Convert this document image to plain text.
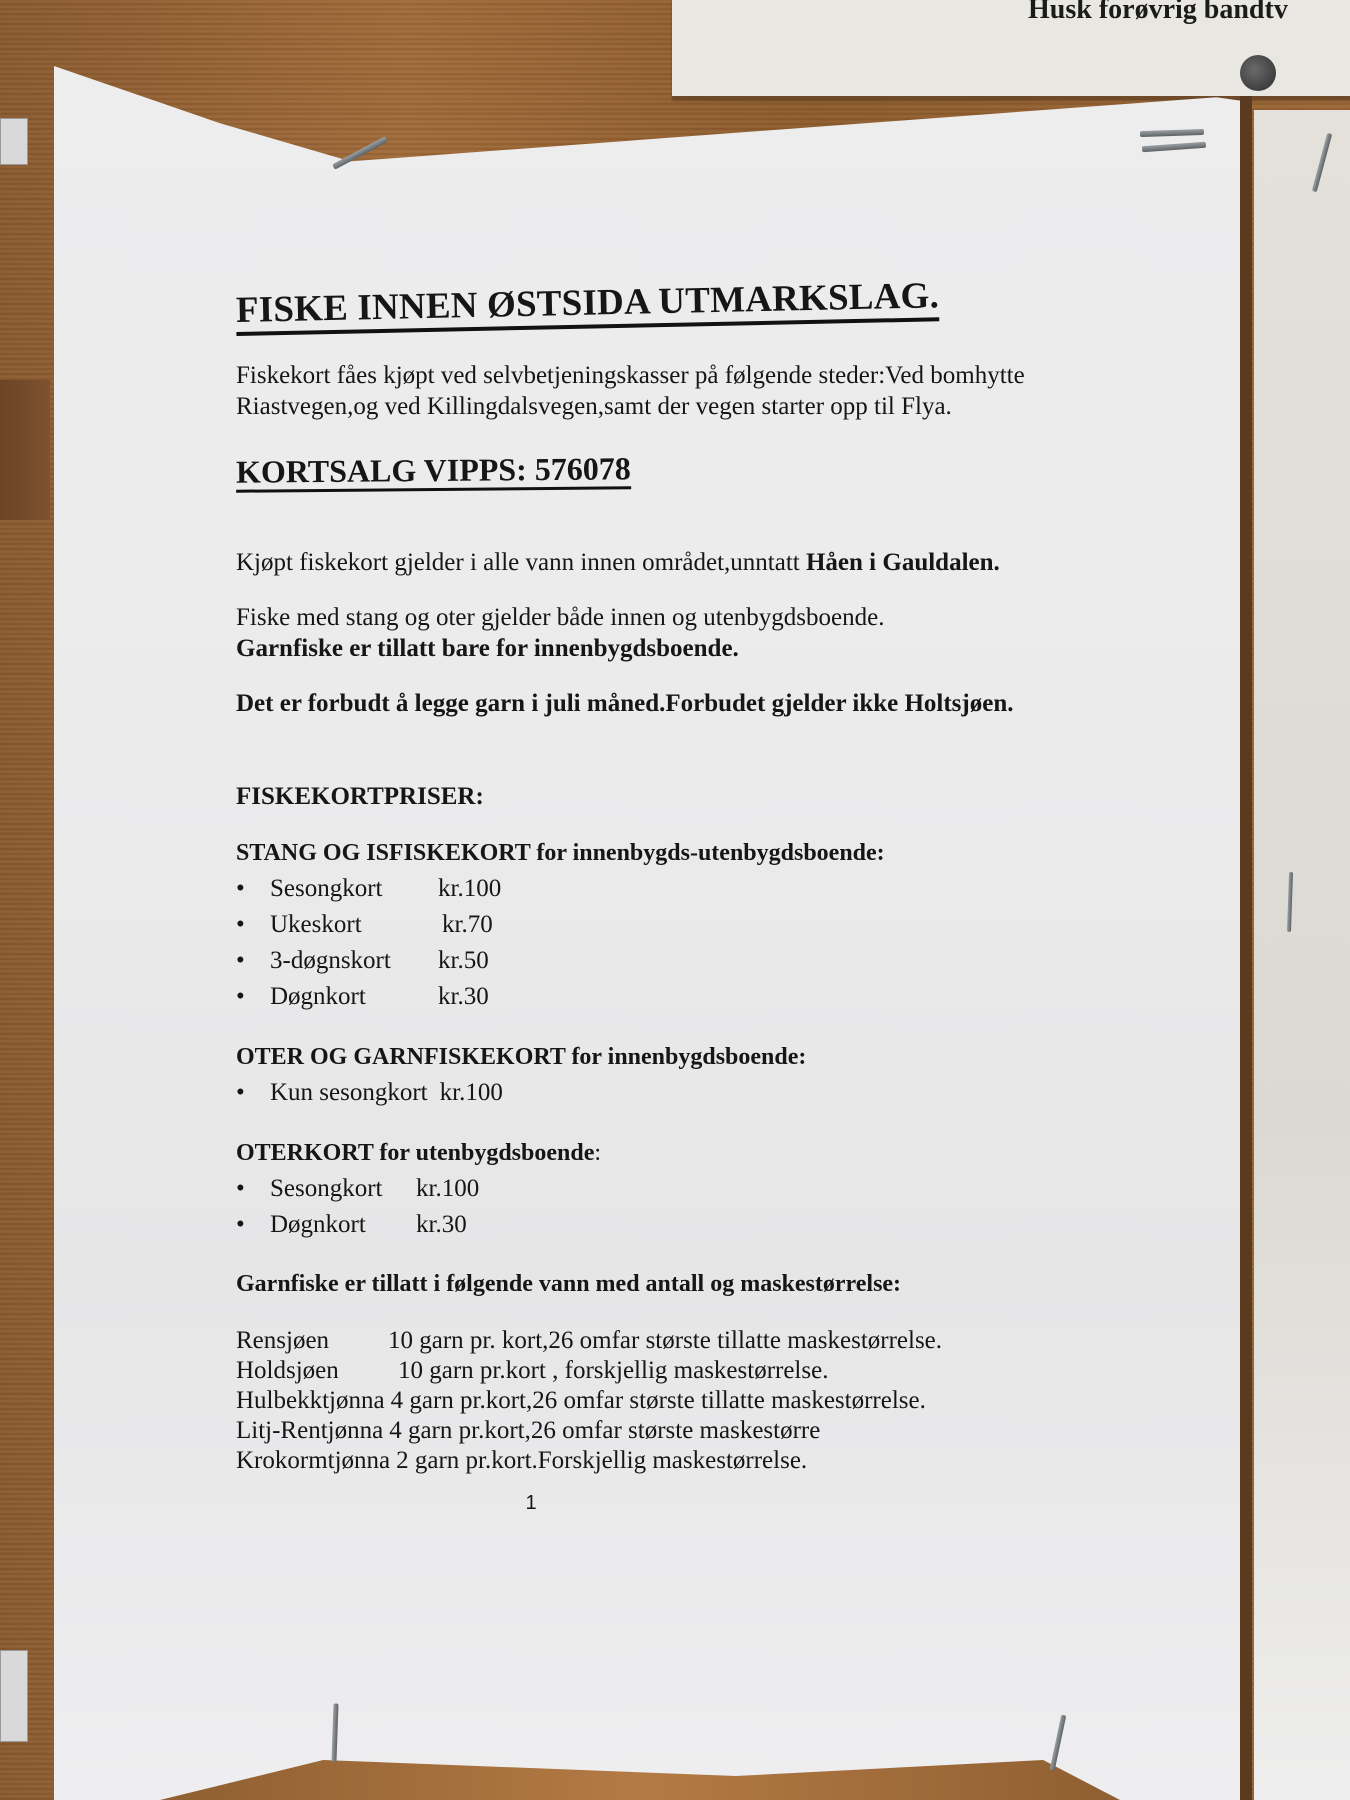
Husk forøvrig bandtv
FISKE INNEN ØSTSIDA UTMARKSLAG.

Fiskekort fåes kjøpt ved selvbetjeningskasser på følgende steder:Ved bomhytte Riastvegen,og ved Killingdalsvegen,samt der vegen starter opp til Flya.

KORTSALG VIPPS: 576078

Kjøpt fiskekort gjelder i alle vann innen området,unntatt Håen i Gauldalen.

Fiske med stang og oter gjelder både innen og utenbygdsboende.
Garnfiske er tillatt bare for innenbygdsboende.

Det er forbudt å legge garn i juli måned.Forbudet gjelder ikke Holtsjøen.

FISKEKORTPRISER:
STANG OG ISFISKEKORT for innenbygds-utenbygdsboende:
•	Sesongkort	kr.100
•	Ukeskort	kr.70
•	3-døgnskort	kr.50
•	Døgnkort	kr.30
OTER OG GARNFISKEKORT for innenbygdsboende:
•	Kun sesongkort kr.100
OTERKORT for utenbygdsboende:
•	Sesongkort	kr.100
•	Døgnkort	kr.30
Garnfiske er tillatt i følgende vann med antall og maskestørrelse:
Rensjøen 10 garn pr. kort,26 omfar største tillatte maskestørrelse.
Holdsjøen 10 garn pr.kort , forskjellig maskestørrelse.
Hulbekktjønna 4 garn pr.kort,26 omfar største tillatte maskestørrelse.
Litj-Rentjønna 4 garn pr.kort,26 omfar største maskestørre
Krokormtjønna 2 garn pr.kort.Forskjellig maskestørrelse.
1
